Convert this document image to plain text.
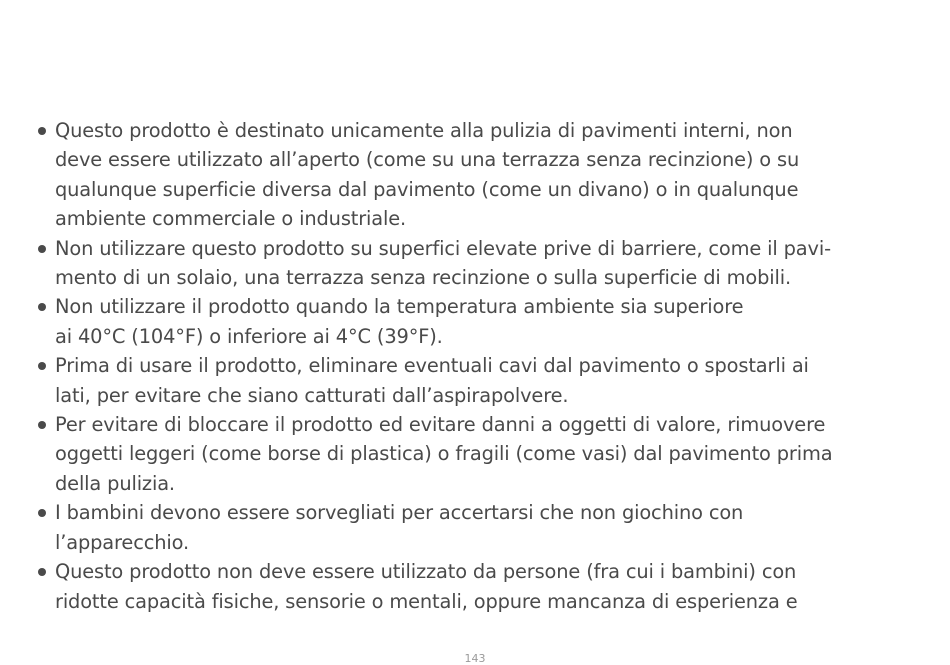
Questo prodotto è destinato unicamente alla pulizia di pavimenti interni, non
deve essere utilizzato all’aperto (come su una terrazza senza recinzione) o su
qualunque superficie diversa dal pavimento (come un divano) o in qualunque
ambiente commerciale o industriale.
Non utilizzare questo prodotto su superfici elevate prive di barriere, come il pavi-
mento di un solaio, una terrazza senza recinzione o sulla superficie di mobili.
Non utilizzare il prodotto quando la temperatura ambiente sia superiore
ai 40°C (104°F) o inferiore ai 4°C (39°F).
Prima di usare il prodotto, eliminare eventuali cavi dal pavimento o spostarli ai
lati, per evitare che siano catturati dall’aspirapolvere.
Per evitare di bloccare il prodotto ed evitare danni a oggetti di valore, rimuovere
oggetti leggeri (come borse di plastica) o fragili (come vasi) dal pavimento prima
della pulizia.
I bambini devono essere sorvegliati per accertarsi che non giochino con
l’apparecchio.
Questo prodotto non deve essere utilizzato da persone (fra cui i bambini) con
ridotte capacità fisiche, sensorie o mentali, oppure mancanza di esperienza e
143
